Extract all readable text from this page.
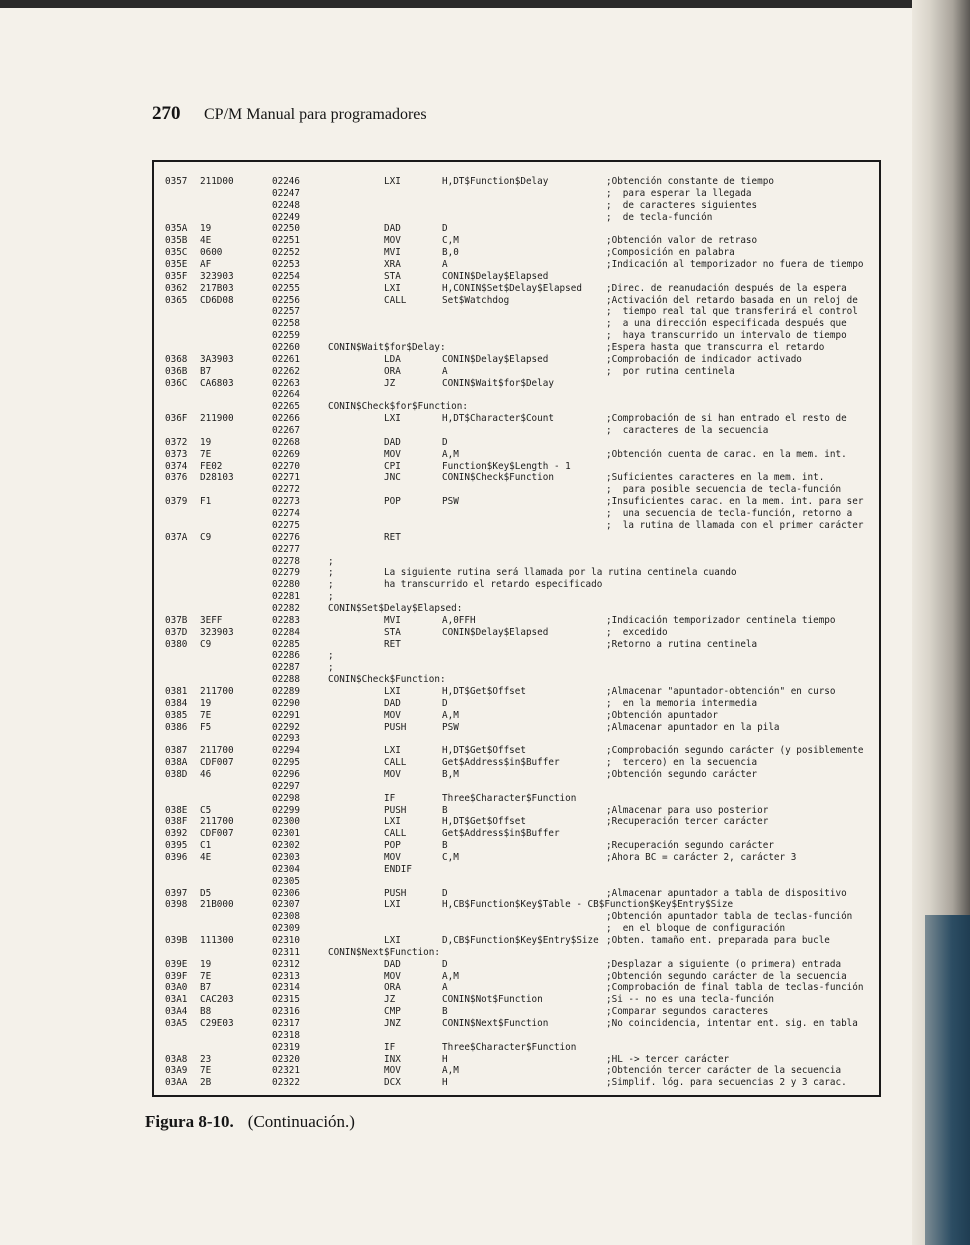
270 CP/M Manual para programadores
0357 211D00	02246	LXI	H,DT$Function$Delay	;Obtención constante de tiempo
02247	;  para esperar la llegada
02248	;  de caracteres siguientes
02249	;  de tecla-función
035A 19	02250	DAD	D
035B 4E	02251	MOV	C,M	;Obtención valor de retraso
035C 0600	02252	MVI	B,0	;Composición en palabra
035E AF	02253	XRA	A	;Indicación al temporizador no fuera de tiempo
035F 323903	02254	STA	CONIN$Delay$Elapsed
0362 217B03	02255	LXI	H,CONIN$Set$Delay$Elapsed	;Direc. de reanudación después de la espera
0365 CD6D08	02256	CALL	Set$Watchdog	;Activación del retardo basada en un reloj de
02257	;  tiempo real tal que transferirá el control
02258	;  a una dirección especificada después que
02259	;  haya transcurrido un intervalo de tiempo
02260	CONIN$Wait$for$Delay:	;Espera hasta que transcurra el retardo
0368 3A3903	02261	LDA	CONIN$Delay$Elapsed	;Comprobación de indicador activado
036B B7	02262	ORA	A	;  por rutina centinela
036C CA6803	02263	JZ	CONIN$Wait$for$Delay
02264
02265	CONIN$Check$for$Function:
036F 211900	02266	LXI	H,DT$Character$Count	;Comprobación de si han entrado el resto de
02267	;  caracteres de la secuencia
0372 19	02268	DAD	D
0373 7E	02269	MOV	A,M	;Obtención cuenta de carac. en la mem. int.
0374 FE02	02270	CPI	Function$Key$Length - 1
0376 D28103	02271	JNC	CONIN$Check$Function	;Suficientes caracteres en la mem. int.
02272	;  para posible secuencia de tecla-función
0379 F1	02273	POP	PSW	;Insuficientes carac. en la mem. int. para ser
02274	;  una secuencia de tecla-función, retorno a
02275	;  la rutina de llamada con el primer carácter
037A C9	02276	RET
02277
02278	;
02279	;	La siguiente rutina será llamada por la rutina centinela cuando
02280	;	ha transcurrido el retardo especificado
02281	;
02282	CONIN$Set$Delay$Elapsed:
037B 3EFF	02283	MVI	A,0FFH	;Indicación temporizador centinela tiempo
037D 323903	02284	STA	CONIN$Delay$Elapsed	;  excedido
0380 C9	02285	RET	;Retorno a rutina centinela
02286	;
02287	;
02288	CONIN$Check$Function:
0381 211700	02289	LXI	H,DT$Get$Offset	;Almacenar "apuntador-obtención" en curso
0384 19	02290	DAD	D	;  en la memoria intermedia
0385 7E	02291	MOV	A,M	;Obtención apuntador
0386 F5	02292	PUSH	PSW	;Almacenar apuntador en la pila
02293
0387 211700	02294	LXI	H,DT$Get$Offset	;Comprobación segundo carácter (y posiblemente
038A CDF007	02295	CALL	Get$Address$in$Buffer	;  tercero) en la secuencia
038D 46	02296	MOV	B,M	;Obtención segundo carácter
02297
02298	IF	Three$Character$Function
038E C5	02299	PUSH	B	;Almacenar para uso posterior
038F 211700	02300	LXI	H,DT$Get$Offset	;Recuperación tercer carácter
0392 CDF007	02301	CALL	Get$Address$in$Buffer
0395 C1	02302	POP	B	;Recuperación segundo carácter
0396 4E	02303	MOV	C,M	;Ahora BC = carácter 2, carácter 3
02304	ENDIF
02305
0397 D5	02306	PUSH	D	;Almacenar apuntador a tabla de dispositivo
0398 21B000	02307	LXI	H,CB$Function$Key$Table - CB$Function$Key$Entry$Size
02308	;Obtención apuntador tabla de teclas-función
02309	;  en el bloque de configuración
039B 111300	02310	LXI	D,CB$Function$Key$Entry$Size ;Obten. tamaño ent. preparada para bucle
02311	CONIN$Next$Function:
039E 19	02312	DAD	D	;Desplazar a siguiente (o primera) entrada
039F 7E	02313	MOV	A,M	;Obtención segundo carácter de la secuencia
03A0 B7	02314	ORA	A	;Comprobación de final tabla de teclas-función
03A1 CAC203	02315	JZ	CONIN$Not$Function	;Si -- no es una tecla-función
03A4 B8	02316	CMP	B	;Comparar segundos caracteres
03A5 C29E03	02317	JNZ	CONIN$Next$Function	;No coincidencia, intentar ent. sig. en tabla
02318
02319	IF	Three$Character$Function
03A8 23	02320	INX	H	;HL -> tercer carácter
03A9 7E	02321	MOV	A,M	;Obtención tercer carácter de la secuencia
03AA 2B	02322	DCX	H	;Simplif. lóg. para secuencias 2 y 3 carac.
Figura 8-10. (Continuación.)
